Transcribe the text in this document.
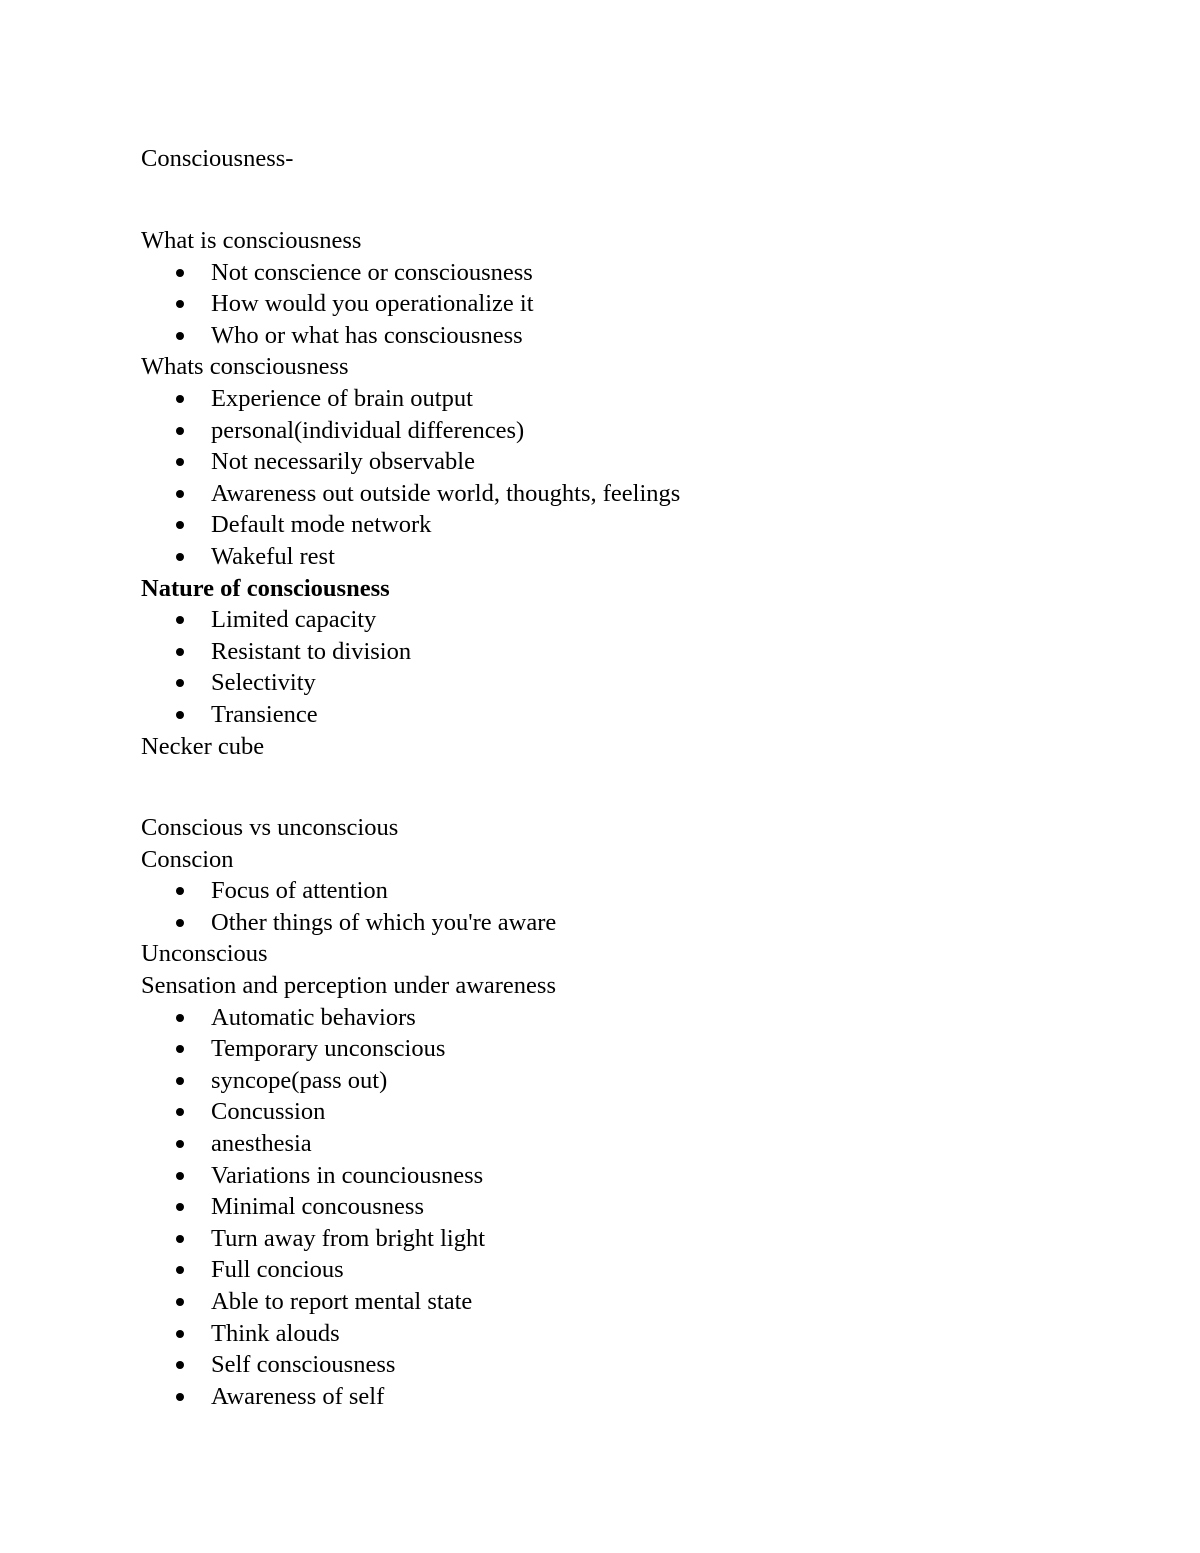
Consciousness-
What is consciousness
Not conscience or consciousness
How would you operationalize it
Who or what has consciousness
Whats consciousness
Experience of brain output
personal(individual differences)
Not necessarily observable
Awareness out outside world, thoughts, feelings
Default mode network
Wakeful rest
Nature of consciousness
Limited capacity
Resistant to division
Selectivity
Transience
Necker cube
Conscious vs unconscious
Conscion
Focus of attention
Other things of which you're aware
Unconscious
Sensation and perception under awareness
Automatic behaviors
Temporary unconscious
syncope(pass out)
Concussion
anesthesia
Variations in counciousness
Minimal concousness
Turn away from bright light
Full concious
Able to report mental state
Think alouds
Self consciousness
Awareness of self
